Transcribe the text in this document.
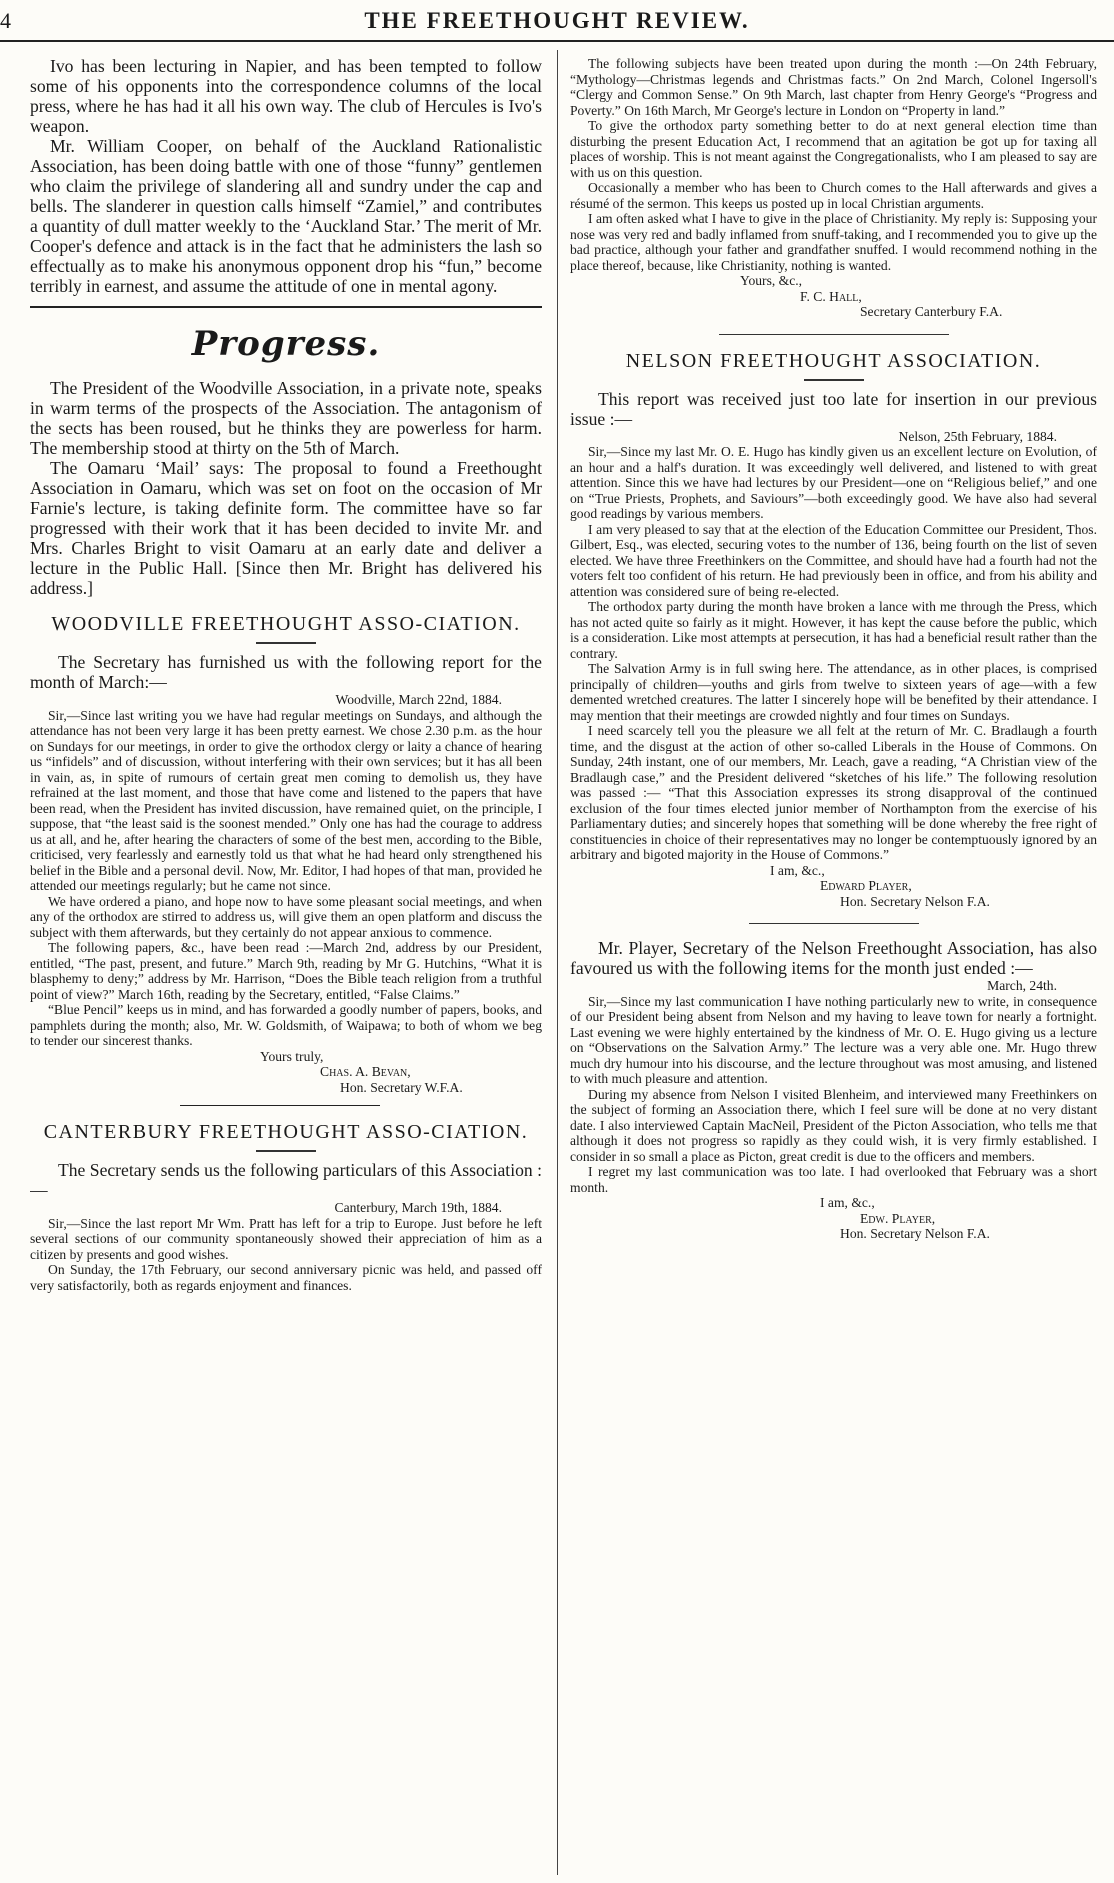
4	THE FREETHOUGHT REVIEW.

Ivo has been lecturing in Napier, and has been tempted to follow some of his opponents into the correspondence columns of the local press, where he has had it all his own way. The club of Hercules is Ivo's weapon.

Mr. William Cooper, on behalf of the Auckland Rationalistic Association, has been doing battle with one of those “funny” gentlemen who claim the privilege of slandering all and sundry under the cap and bells. The slanderer in question calls himself “Zamiel,” and contributes a quantity of dull matter weekly to the ‘Auckland Star.’ The merit of Mr. Cooper's defence and attack is in the fact that he administers the lash so effectually as to make his anonymous opponent drop his “fun,” become terribly in earnest, and assume the attitude of one in mental agony.

Progress.

The President of the Woodville Association, in a private note, speaks in warm terms of the prospects of the Association. The antagonism of the sects has been roused, but he thinks they are powerless for harm. The membership stood at thirty on the 5th of March.

The Oamaru ‘Mail’ says: The proposal to found a Freethought Association in Oamaru, which was set on foot on the occasion of Mr Farnie's lecture, is taking definite form. The committee have so far progressed with their work that it has been decided to invite Mr. and Mrs. Charles Bright to visit Oamaru at an early date and deliver a lecture in the Public Hall. [Since then Mr. Bright has delivered his address.]

WOODVILLE FREETHOUGHT ASSO-CIATION.

The Secretary has furnished us with the following report for the month of March:—

Woodville, March 22nd, 1884.

Sir,—Since last writing you we have had regular meetings on Sundays, and although the attendance has not been very large it has been pretty earnest. We chose 2.30 p.m. as the hour on Sundays for our meetings, in order to give the orthodox clergy or laity a chance of hearing us “infidels” and of discussion, without interfering with their own services; but it has all been in vain, as, in spite of rumours of certain great men coming to demolish us, they have refrained at the last moment, and those that have come and listened to the papers that have been read, when the President has invited discussion, have remained quiet, on the principle, I suppose, that “the least said is the soonest mended.” Only one has had the courage to address us at all, and he, after hearing the characters of some of the best men, according to the Bible, criticised, very fearlessly and earnestly told us that what he had heard only strengthened his belief in the Bible and a personal devil. Now, Mr. Editor, I had hopes of that man, provided he attended our meetings regularly; but he came not since.

We have ordered a piano, and hope now to have some pleasant social meetings, and when any of the orthodox are stirred to address us, will give them an open platform and discuss the subject with them afterwards, but they certainly do not appear anxious to commence.

The following papers, &c., have been read :—March 2nd, address by our President, entitled, “The past, present, and future.” March 9th, reading by Mr G. Hutchins, “What it is blasphemy to deny;” address by Mr. Harrison, “Does the Bible teach religion from a truthful point of view?” March 16th, reading by the Secretary, entitled, “False Claims.”

“Blue Pencil” keeps us in mind, and has forwarded a goodly number of papers, books, and pamphlets during the month; also, Mr. W. Goldsmith, of Waipawa; to both of whom we beg to tender our sincerest thanks.

Yours truly,

Chas. A. Bevan,

Hon. Secretary W.F.A.

CANTERBURY FREETHOUGHT ASSO-CIATION.

The Secretary sends us the following particulars of this Association :—

Canterbury, March 19th, 1884.

Sir,—Since the last report Mr Wm. Pratt has left for a trip to Europe. Just before he left several sections of our community spontaneously showed their appreciation of him as a citizen by presents and good wishes.

On Sunday, the 17th February, our second anniversary picnic was held, and passed off very satisfactorily, both as regards enjoyment and finances.

The following subjects have been treated upon during the month :—On 24th February, “Mythology—Christmas legends and Christmas facts.” On 2nd March, Colonel Ingersoll's “Clergy and Common Sense.” On 9th March, last chapter from Henry George's “Progress and Poverty.” On 16th March, Mr George's lecture in London on “Property in land.”

To give the orthodox party something better to do at next general election time than disturbing the present Education Act, I recommend that an agitation be got up for taxing all places of worship. This is not meant against the Congregationalists, who I am pleased to say are with us on this question.

Occasionally a member who has been to Church comes to the Hall afterwards and gives a résumé of the sermon. This keeps us posted up in local Christian arguments.

I am often asked what I have to give in the place of Christianity. My reply is: Supposing your nose was very red and badly inflamed from snuff-taking, and I recommended you to give up the bad practice, although your father and grandfather snuffed. I would recommend nothing in the place thereof, because, like Christianity, nothing is wanted.

Yours, &c.,

F. C. Hall,

Secretary Canterbury F.A.

NELSON FREETHOUGHT ASSOCIATION.

This report was received just too late for insertion in our previous issue :—

Nelson, 25th February, 1884.

Sir,—Since my last Mr. O. E. Hugo has kindly given us an excellent lecture on Evolution, of an hour and a half's duration. It was exceedingly well delivered, and listened to with great attention. Since this we have had lectures by our President—one on “Religious belief,” and one on “True Priests, Prophets, and Saviours”—both exceedingly good. We have also had several good readings by various members.

I am very pleased to say that at the election of the Education Committee our President, Thos. Gilbert, Esq., was elected, securing votes to the number of 136, being fourth on the list of seven elected. We have three Freethinkers on the Committee, and should have had a fourth had not the voters felt too confident of his return. He had previously been in office, and from his ability and attention was considered sure of being re-elected.

The orthodox party during the month have broken a lance with me through the Press, which has not acted quite so fairly as it might. However, it has kept the cause before the public, which is a consideration. Like most attempts at persecution, it has had a beneficial result rather than the contrary.

The Salvation Army is in full swing here. The attendance, as in other places, is comprised principally of children—youths and girls from twelve to sixteen years of age—with a few demented wretched creatures. The latter I sincerely hope will be benefited by their attendance. I may mention that their meetings are crowded nightly and four times on Sundays.

I need scarcely tell you the pleasure we all felt at the return of Mr. C. Bradlaugh a fourth time, and the disgust at the action of other so-called Liberals in the House of Commons. On Sunday, 24th instant, one of our members, Mr. Leach, gave a reading, “A Christian view of the Bradlaugh case,” and the President delivered “sketches of his life.” The following resolution was passed :— “That this Association expresses its strong disapproval of the continued exclusion of the four times elected junior member of Northampton from the exercise of his Parliamentary duties; and sincerely hopes that something will be done whereby the free right of constituencies in choice of their representatives may no longer be contemptuously ignored by an arbitrary and bigoted majority in the House of Commons.”

I am, &c.,

Edward Player,

Hon. Secretary Nelson F.A.

Mr. Player, Secretary of the Nelson Freethought Association, has also favoured us with the following items for the month just ended :—

March, 24th.

Sir,—Since my last communication I have nothing particularly new to write, in consequence of our President being absent from Nelson and my having to leave town for nearly a fortnight. Last evening we were highly entertained by the kindness of Mr. O. E. Hugo giving us a lecture on “Observations on the Salvation Army.” The lecture was a very able one. Mr. Hugo threw much dry humour into his discourse, and the lecture throughout was most amusing, and listened to with much pleasure and attention.

During my absence from Nelson I visited Blenheim, and interviewed many Freethinkers on the subject of forming an Association there, which I feel sure will be done at no very distant date. I also interviewed Captain MacNeil, President of the Picton Association, who tells me that although it does not progress so rapidly as they could wish, it is very firmly established. I consider in so small a place as Picton, great credit is due to the officers and members.

I regret my last communication was too late. I had overlooked that February was a short month.

I am, &c.,

Edw. Player,

Hon. Secretary Nelson F.A.
